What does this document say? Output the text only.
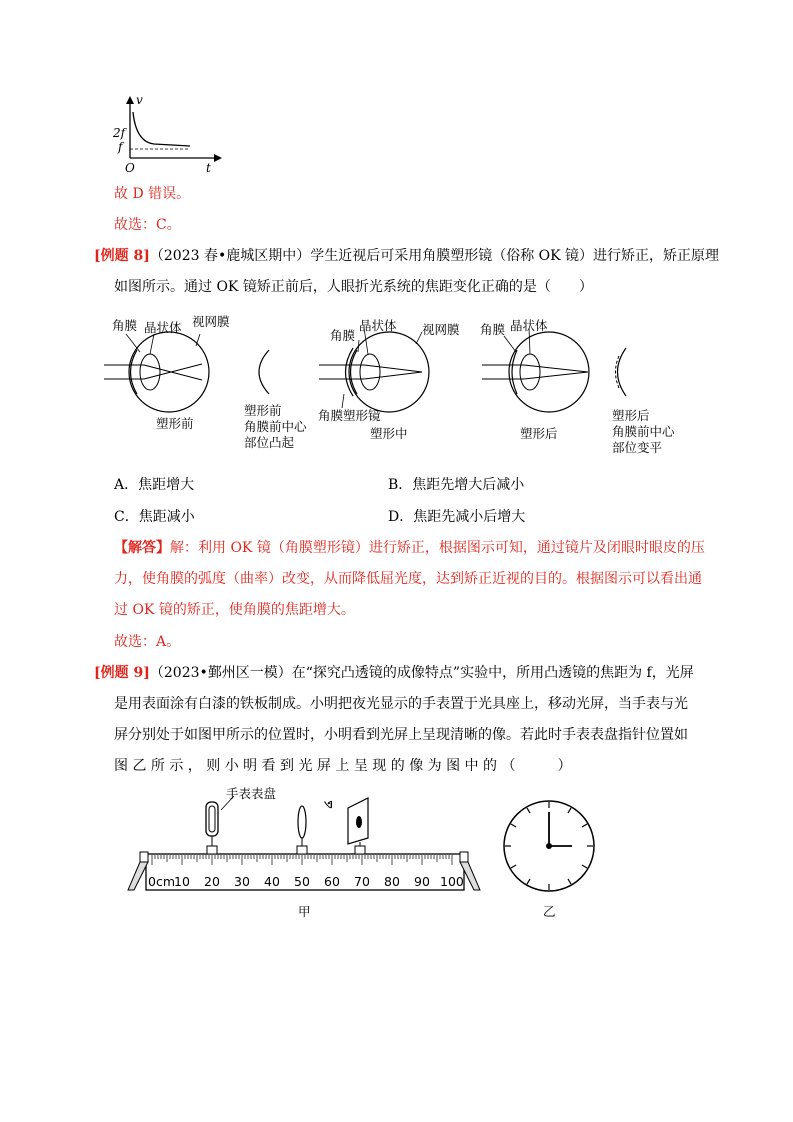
v
2f
f
O	t
故 D 错误。
故选：C。
[例题 8]（2023 春•鹿城区期中）学生近视后可采用角膜塑形镜（俗称 OK 镜）进行矫正，矫正原理
如图所示。通过 OK 镜矫正前后，人眼折光系统的焦距变化正确的是（　　）
角膜 晶状体 视网膜
塑形前
塑形前
角膜前中心
部位凸起
角膜
晶状体 视网膜
角膜塑形镜
塑形中
角膜 晶状体
塑形后
塑形后
角膜前中心
部位变平
A．焦距增大	B．焦距先增大后减小
C．焦距减小	D．焦距先减小后增大
【解答】解：利用 OK 镜（角膜塑形镜）进行矫正，根据图示可知，通过镜片及闭眼时眼皮的压
力，使角膜的弧度（曲率）改变，从而降低屈光度，达到矫正近视的目的。根据图示可以看出通
过 OK 镜的矫正，使角膜的焦距增大。
故选：A。
[例题 9]（2023•鄞州区一模）在“探究凸透镜的成像特点”实验中，所用凸透镜的焦距为 f，光屏
是用表面涂有白漆的铁板制成。小明把夜光显示的手表置于光具座上，移动光屏，当手表与光
屏分别处于如图甲所示的位置时，小明看到光屏上呈现清晰的像。若此时手表表盘指针位置如
图 乙 所 示 ， 则 小 明 看 到 光 屏 上 呈 现 的 像 为 图 中 的 （　　　）
ଏ
手表表盘
0cm
10 20 30 40 50 60 70 80 90 100
甲	乙
